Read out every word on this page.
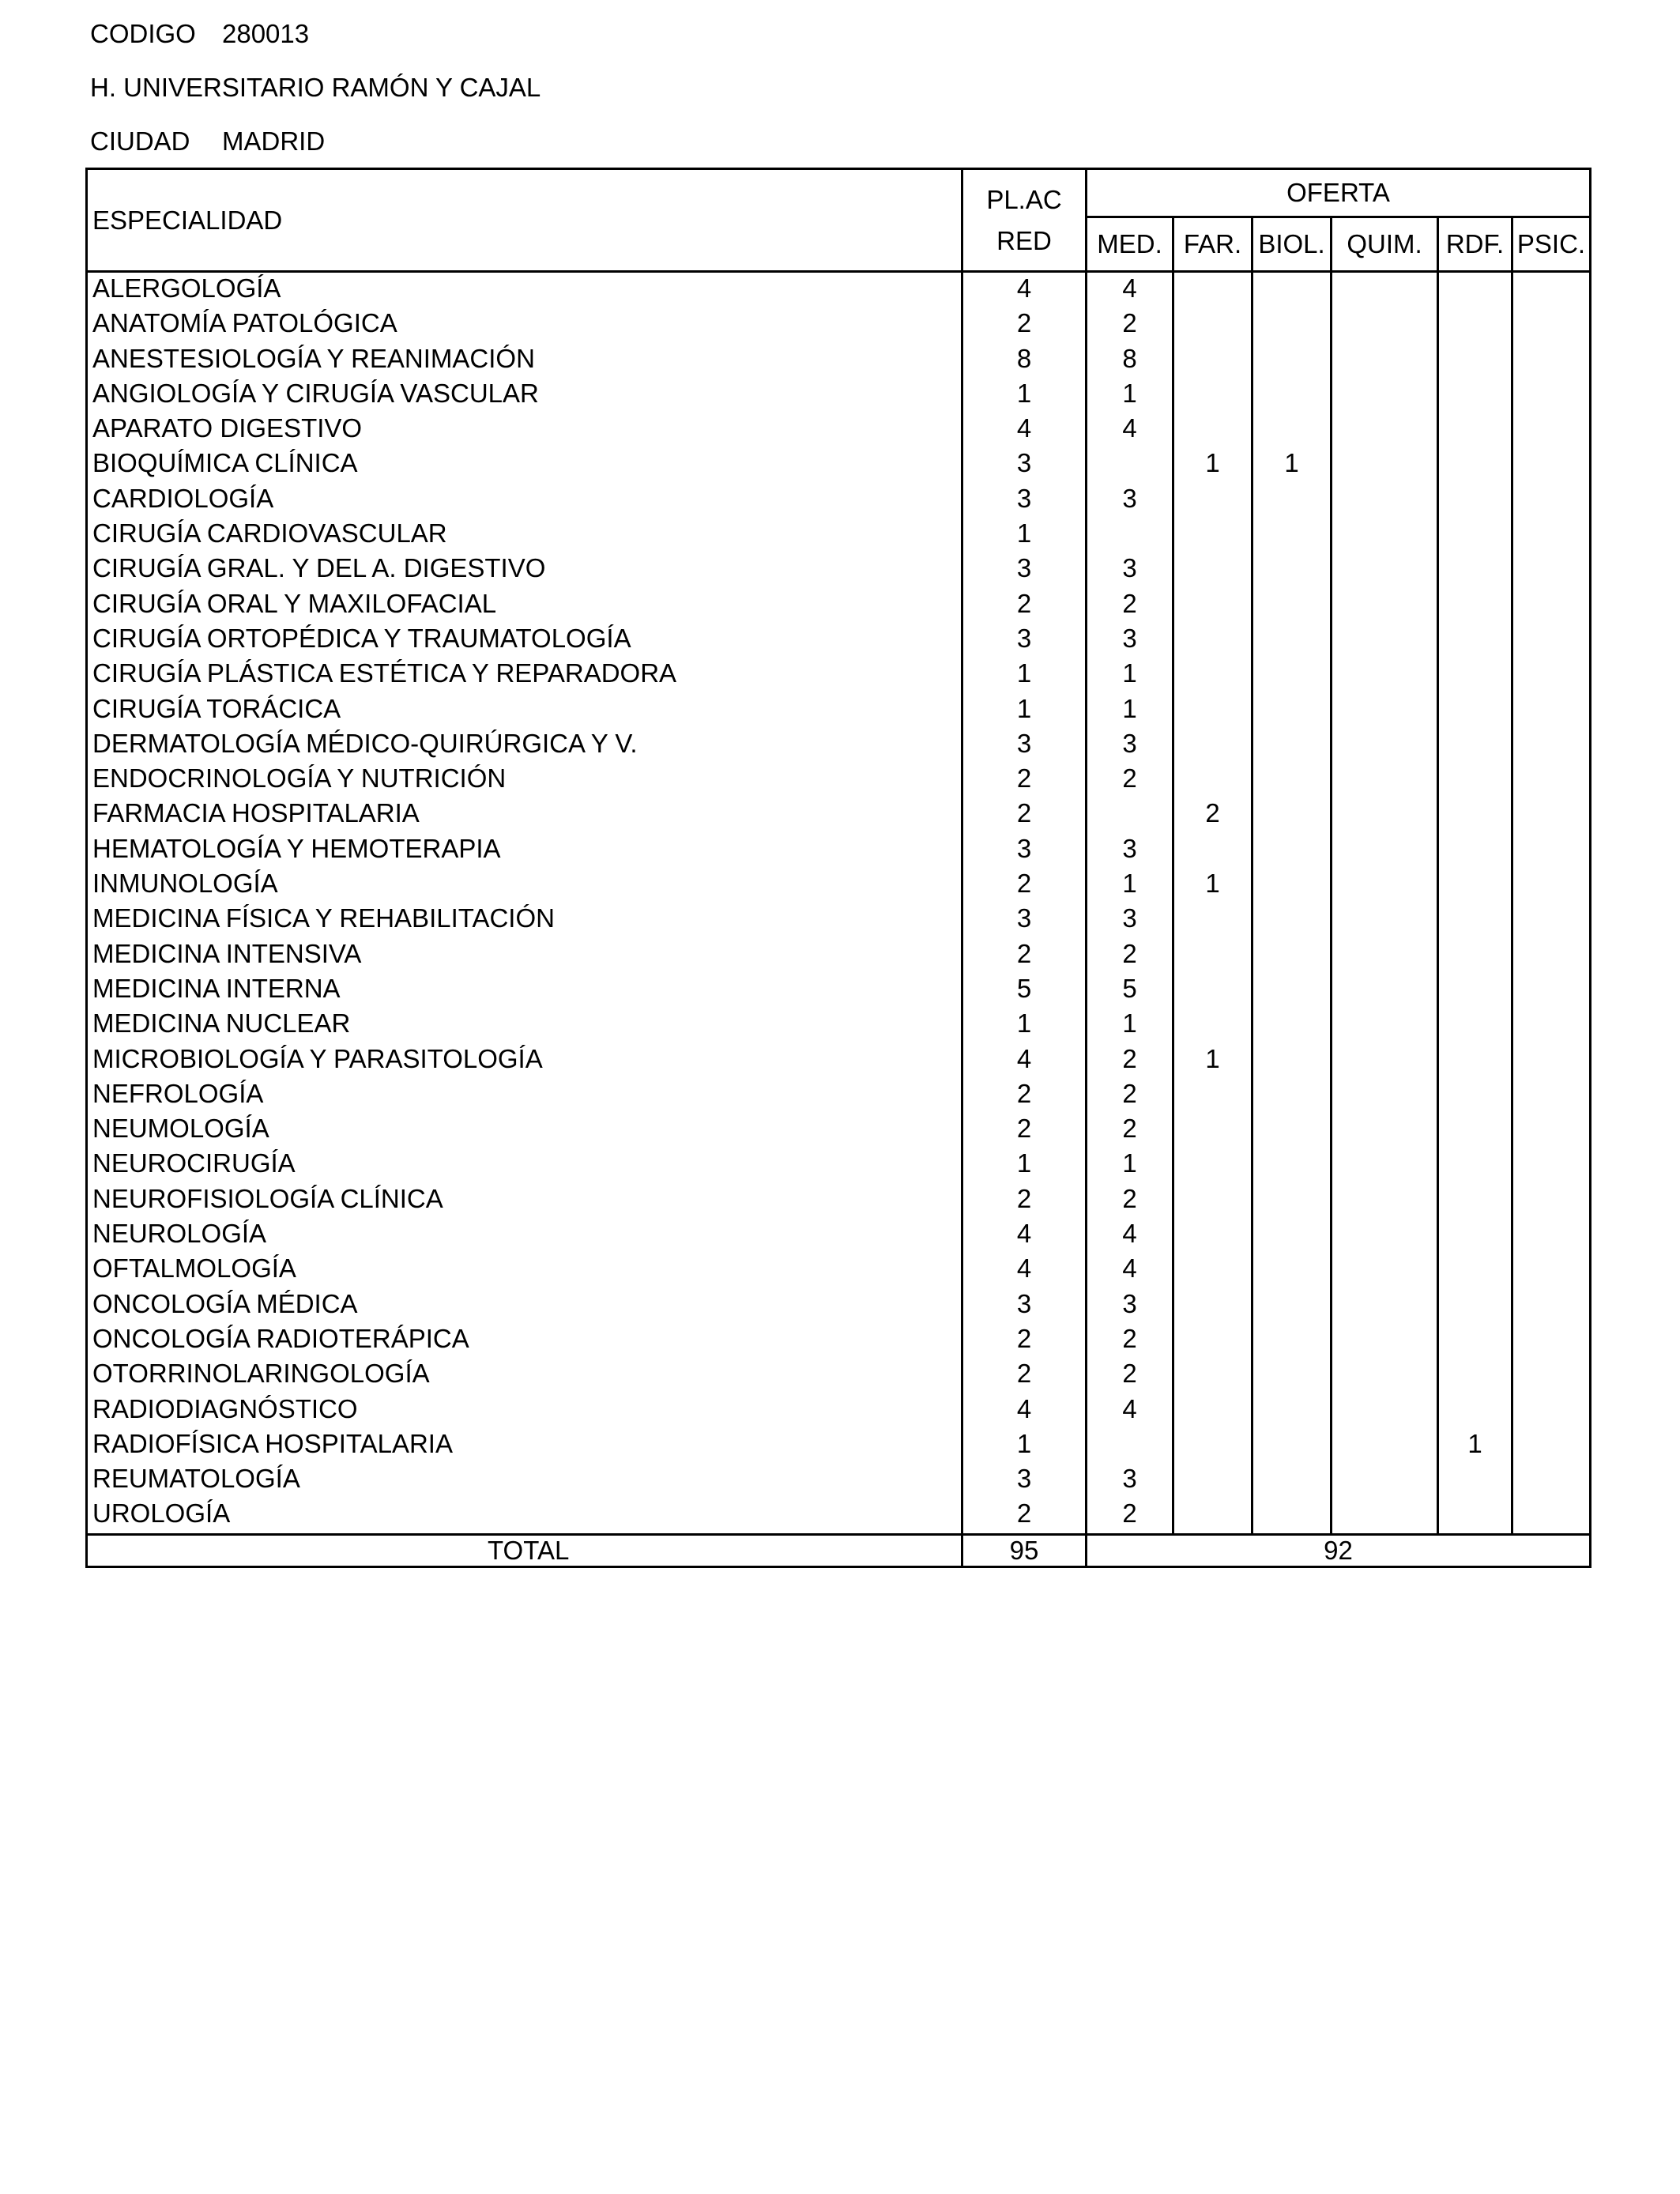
CODIGO 280013
H. UNIVERSITARIO RAMÓN Y CAJAL
CIUDAD MADRID
ESPECIALIDAD	PL.ACRED	OFERTA					
		MED.	FAR.	BIOL.	QUIM.	RDF.	PSIC.
ALERGOLOGÍA	4	4					
ANATOMÍA PATOLÓGICA	2	2					
ANESTESIOLOGÍA Y REANIMACIÓN	8	8					
ANGIOLOGÍA Y CIRUGÍA VASCULAR	1	1					
APARATO DIGESTIVO	4	4					
BIOQUÍMICA CLÍNICA	3		1	1			
CARDIOLOGÍA	3	3					
CIRUGÍA CARDIOVASCULAR	1						
CIRUGÍA GRAL. Y DEL A. DIGESTIVO	3	3					
CIRUGÍA ORAL Y MAXILOFACIAL	2	2					
CIRUGÍA ORTOPÉDICA Y TRAUMATOLOGÍA	3	3					
CIRUGÍA PLÁSTICA ESTÉTICA Y REPARADORA	1	1					
CIRUGÍA TORÁCICA	1	1					
DERMATOLOGÍA MÉDICO-QUIRÚRGICA Y V.	3	3					
ENDOCRINOLOGÍA Y NUTRICIÓN	2	2					
FARMACIA HOSPITALARIA	2		2				
HEMATOLOGÍA Y HEMOTERAPIA	3	3					
INMUNOLOGÍA	2	1	1				
MEDICINA FÍSICA Y REHABILITACIÓN	3	3					
MEDICINA INTENSIVA	2	2					
MEDICINA INTERNA	5	5					
MEDICINA NUCLEAR	1	1					
MICROBIOLOGÍA Y PARASITOLOGÍA	4	2	1				
NEFROLOGÍA	2	2					
NEUMOLOGÍA	2	2					
NEUROCIRUGÍA	1	1					
NEUROFISIOLOGÍA CLÍNICA	2	2					
NEUROLOGÍA	4	4					
OFTALMOLOGÍA	4	4					
ONCOLOGÍA MÉDICA	3	3					
ONCOLOGÍA RADIOTERÁPICA	2	2					
OTORRINOLARINGOLOGÍA	2	2					
RADIODIAGNÓSTICO	4	4					
RADIOFÍSICA HOSPITALARIA	1					1	
REUMATOLOGÍA	3	3					
UROLOGÍA	2	2					
TOTAL	95	92					
